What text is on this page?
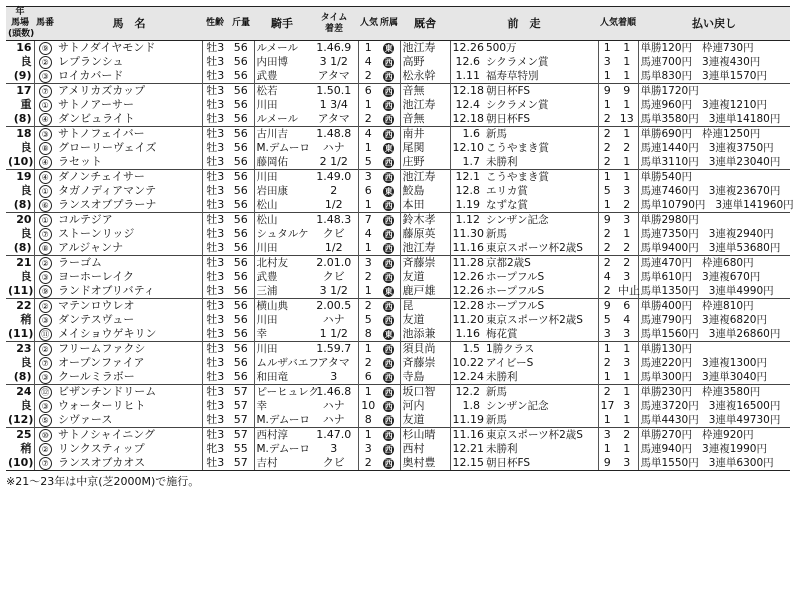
年
馬場
(頭数)	馬番	馬　名	性齢	斤量	騎手	タイム
着差	人気	所属	厩舎	前　走		人気	着順	払い戻し
16	⑨	サトノダイヤモンド	牡3	56	ルメール	1.46.9	1	東	池江寿	12.26	500万	1	1	単勝120円 枠連730円
良	②	レプランシュ	牡3	56	内田博	3 1/2	4	西	高野	12.6	シクラメン賞	3	1	馬連700円 3連複430円
(9)	③	ロイカバード	牡3	56	武豊	アタマ	2	西	松永幹	1.11	福寿草特別	1	1	馬単830円 3連単1570円
17	⑦	アメリカズカップ	牡3	56	松若	1.50.1	6	西	音無	12.18	朝日杯FS	9	9	単勝1720円
重	①	サトノアーサー	牡3	56	川田	1 3/4	1	西	池江寿	12.4	シクラメン賞	1	1	馬連960円 3連複1210円
(8)	④	ダンビュライト	牡3	56	ルメール	アタマ	2	西	音無	12.18	朝日杯FS	2	13	馬単3580円 3連単14180円
18	③	サトノフェイバー	牡3	56	古川吉	1.48.8	4	西	南井	1.6	新馬	2	1	単勝690円 枠連1250円
良	⑧	グローリーヴェイズ	牡3	56	M.デムーロ	ハナ	1	東	尾関	12.10	こうやまき賞	2	2	馬連1440円 3連複3750円
(10)	④	ラセット	牡3	56	藤岡佑	2 1/2	5	西	庄野	1.7	未勝利	2	1	馬単3110円 3連単23040円
19	④	ダノンチェイサー	牡3	56	川田	1.49.0	3	西	池江寿	12.1	こうやまき賞	1	1	単勝540円
良	①	タガノディアマンテ	牡3	56	岩田康	2	6	東	鮫島	12.8	エリカ賞	5	3	馬連7460円 3連複23670円
(8)	⑥	ランスオブプラーナ	牡3	56	松山	1/2	1	西	本田	1.19	なずな賞	1	2	馬単10790円 3連単141960円
20	①	コルテジア	牡3	56	松山	1.48.3	7	西	鈴木孝	1.12	シンザン記念	9	3	単勝2980円
良	⑦	ストーンリッジ	牡3	56	シュタルケ	クビ	4	西	藤原英	11.30	新馬	2	1	馬連7350円 3連複2940円
(8)	⑧	アルジャンナ	牡3	56	川田	1/2	1	西	池江寿	11.16	東京スポーツ杯2歳S	2	2	馬単9400円 3連単53680円
21	②	ラーゴム	牡3	56	北村友	2.01.0	3	西	斉藤崇	11.28	京都2歳S	2	2	馬連470円 枠連680円
良	③	ヨーホーレイク	牡3	56	武豊	クビ	2	西	友道	12.26	ホープフルS	4	3	馬単610円 3連複670円
(11)	⑨	ランドオブリバティ	牡3	56	三浦	3 1/2	1	東	鹿戸雄	12.26	ホープフルS	2	中止	馬単1350円 3連単4990円
22	②	マテンロウレオ	牡3	56	横山典	2.00.5	2	西	昆	12.28	ホープフルS	9	6	単勝400円 枠連810円
稍	③	ダンテスヴュー	牡3	56	川田	ハナ	5	西	友道	11.20	東京スポーツ杯2歳S	5	4	馬連790円 3連複6820円
(11)	⑪	メイショウゲキリン	牡3	56	幸	1 1/2	8	東	池添兼	1.16	梅花賞	3	3	馬単1560円 3連単26860円
23	②	フリームファクシ	牡3	56	川田	1.59.7	1	西	須貝尚	1.5	1勝クラス	1	1	単勝130円
良	⑦	オープンファイア	牡3	56	ムルザバエフ	アタマ	2	西	斉藤崇	10.22	アイビーS	2	3	馬連220円 3連複1300円
(8)	③	クールミラボー	牡3	56	和田竜	3	6	西	寺島	12.24	未勝利	1	1	馬単300円 3連単3040円
24	⑫	ビザンチンドリーム	牡3	57	ピーヒュレク	1.46.8	1	西	坂口智	12.2	新馬	2	1	単勝230円 枠連3580円
良	③	ウォーターリヒト	牡3	57	幸	ハナ	10	西	河内	1.8	シンザン記念	17	3	馬連3720円 3連複16500円
(12)	⑤	シヴァース	牡3	57	M.デムーロ	ハナ	8	西	友道	11.19	新馬	1	1	馬単4430円 3連単49730円
25	⑩	サトノシャイニング	牡3	57	西村淳	1.47.0	1	西	杉山晴	11.16	東京スポーツ杯2歳S	3	2	単勝270円 枠連920円
稍	②	リンクスティップ	牝3	55	M.デムーロ	3	3	西	西村	12.21	未勝利	1	1	馬連940円 3連複1990円
(10)	⑦	ランスオブカオス	牡3	57	吉村	クビ	2	西	奥村豊	12.15	朝日杯FS	9	3	馬単1550円 3連単6300円
※21〜23年は中京(芝2000M)で施行。
